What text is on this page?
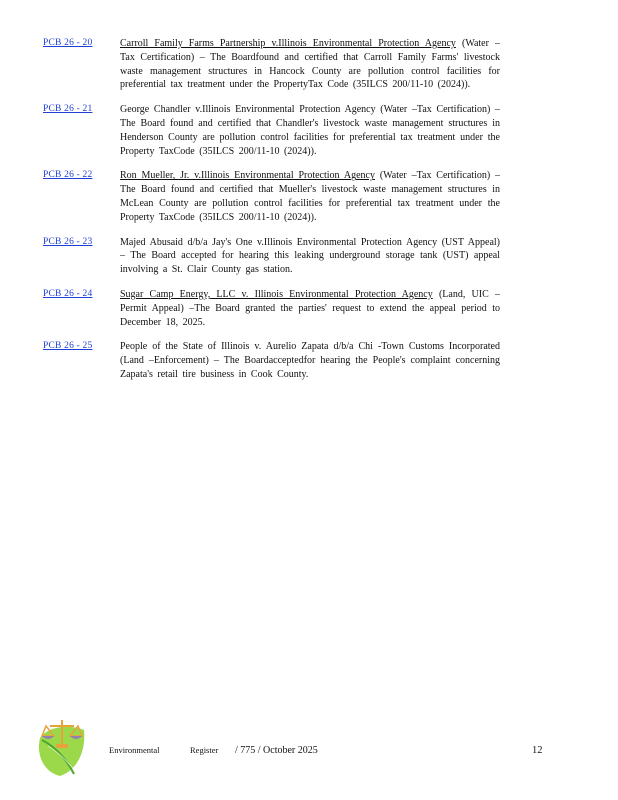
PCB 26 - 20	Carroll Family Farms Partnership v.Illinois Environmental Protection Agency (Water –Tax Certification) – The Boardfound and certified that Carroll Family Farms' livestock waste management structures in Hancock County are pollution control facilities for preferential tax treatment under the PropertyTax Code (35ILCS 200/11-10 (2024)).
PCB 26 - 21	George Chandler v.Illinois Environmental Protection Agency (Water –Tax Certification) – The Board found and certified that Chandler's livestock waste management structures in Henderson County are pollution control facilities for preferential tax treatment under the Property TaxCode (35ILCS 200/11-10 (2024)).
PCB 26 - 22	Ron Mueller, Jr. v.Illinois Environmental Protection Agency (Water –Tax Certification) – The Board found and certified that Mueller's livestock waste management structures in McLean County are pollution control facilities for preferential tax treatment under the Property TaxCode (35ILCS 200/11-10 (2024)).
PCB 26 - 23	Majed Abusaid d/b/a Jay's One v.Illinois Environmental Protection Agency (UST Appeal) – The Board accepted for hearing this leaking underground storage tank (UST) appeal involving a St. Clair County gas station.
PCB 26 - 24	Sugar Camp Energy, LLC v. Illinois Environmental Protection Agency (Land, UIC –Permit Appeal) –The Board granted the parties' request to extend the appeal period to December 18, 2025.
PCB 26 - 25	People of the State of Illinois v. Aurelio Zapata d/b/a Chi -Town Customs Incorporated (Land –Enforcement) – The Boardacceptedfor hearing the People's complaint concerning Zapata's retail tire business in Cook County.
Environmental	Register / 775 / October 2025	12
